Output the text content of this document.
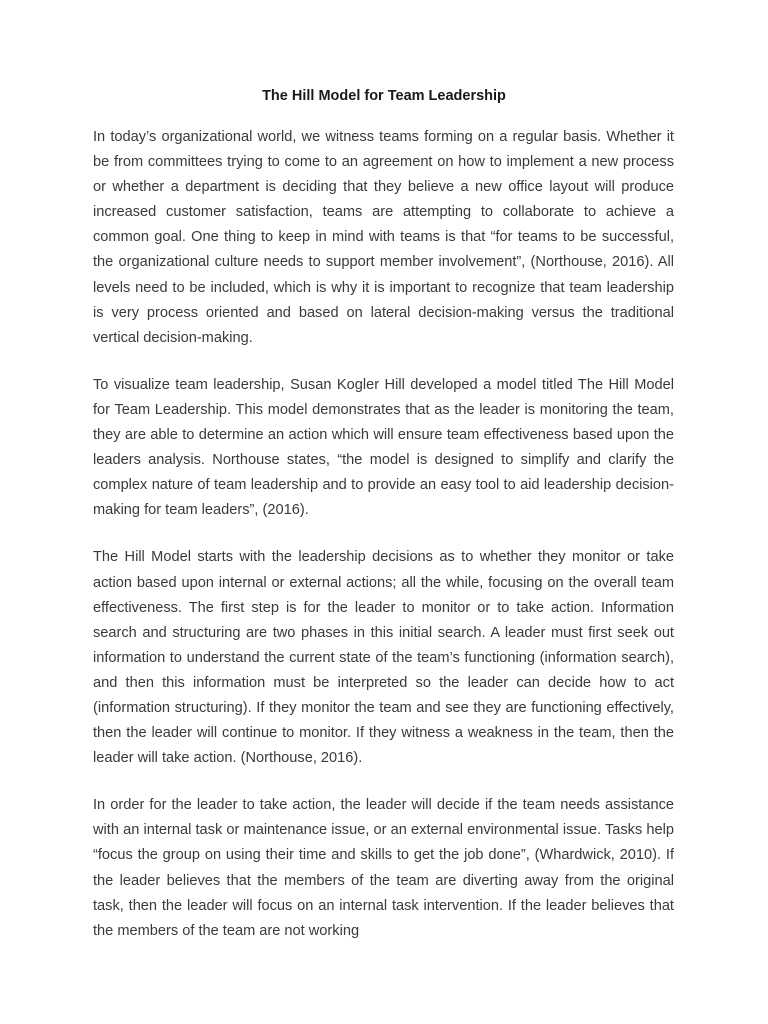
The Hill Model for Team Leadership

In today’s organizational world, we witness teams forming on a regular basis. Whether it be from committees trying to come to an agreement on how to implement a new process or whether a department is deciding that they believe a new office layout will produce increased customer satisfaction, teams are attempting to collaborate to achieve a common goal. One thing to keep in mind with teams is that “for teams to be successful, the organizational culture needs to support member involvement”, (Northouse, 2016). All levels need to be included, which is why it is important to recognize that team leadership is very process oriented and based on lateral decision-making versus the traditional vertical decision-making.

To visualize team leadership, Susan Kogler Hill developed a model titled The Hill Model for Team Leadership. This model demonstrates that as the leader is monitoring the team, they are able to determine an action which will ensure team effectiveness based upon the leaders analysis. Northouse states, “the model is designed to simplify and clarify the complex nature of team leadership and to provide an easy tool to aid leadership decision-making for team leaders”, (2016).

The Hill Model starts with the leadership decisions as to whether they monitor or take action based upon internal or external actions; all the while, focusing on the overall team effectiveness. The first step is for the leader to monitor or to take action. Information search and structuring are two phases in this initial search. A leader must first seek out information to understand the current state of the team’s functioning (information search), and then this information must be interpreted so the leader can decide how to act (information structuring). If they monitor the team and see they are functioning effectively, then the leader will continue to monitor. If they witness a weakness in the team, then the leader will take action. (Northouse, 2016).

In order for the leader to take action, the leader will decide if the team needs assistance with an internal task or maintenance issue, or an external environmental issue. Tasks help “focus the group on using their time and skills to get the job done”, (Whardwick, 2010). If the leader believes that the members of the team are diverting away from the original task, then the leader will focus on an internal task intervention. If the leader believes that the members of the team are not working
